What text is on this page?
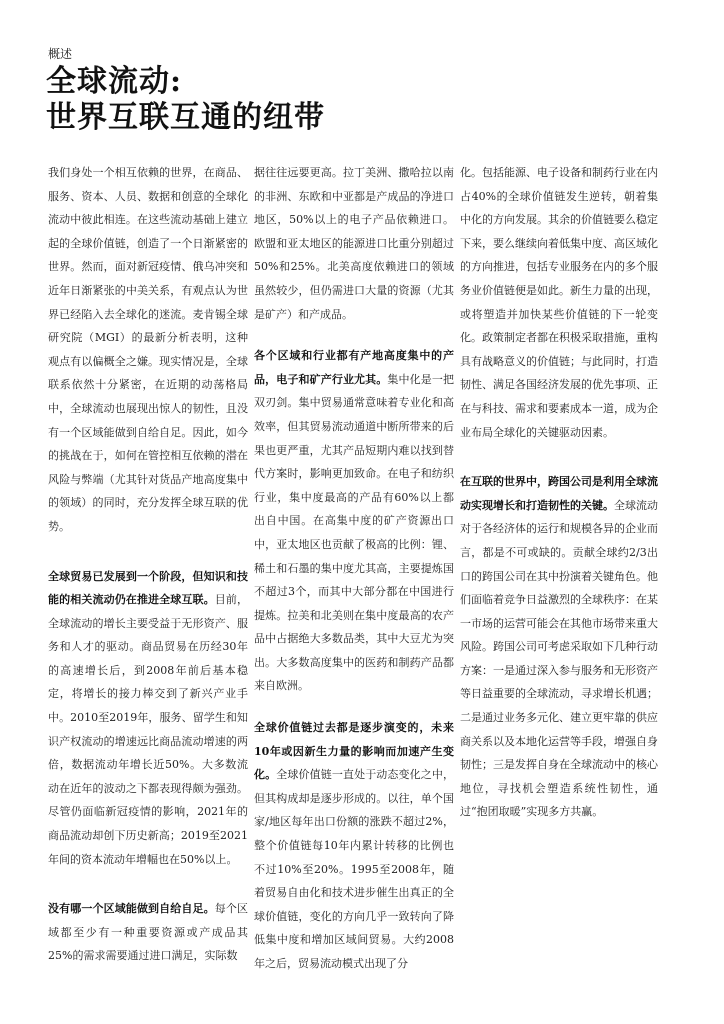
概述
全球流动:
世界互联互通的纽带

我们身处一个相互依赖的世界，在商品、服务、资本、人员、数据和创意的全球化流动中彼此相连。在这些流动基础上建立起的全球价值链，创造了一个日渐紧密的世界。然而，面对新冠疫情、俄乌冲突和近年日渐紧张的中美关系，有观点认为世界已经陷入去全球化的迷流。麦肯锡全球研究院（MGI）的最新分析表明，这种观点有以偏概全之嫌。现实情况是，全球联系依然十分紧密，在近期的动荡格局中，全球流动也展现出惊人的韧性，且没有一个区域能做到自给自足。因此，如今的挑战在于，如何在管控相互依赖的潜在风险与弊端（尤其针对货品产地高度集中的领域）的同时，充分发挥全球互联的优势。

全球贸易已发展到一个阶段，但知识和技能的相关流动仍在推进全球互联。目前，全球流动的增长主要受益于无形资产、服务和人才的驱动。商品贸易在历经30年的高速增长后，到2008年前后基本稳定，将增长的接力棒交到了新兴产业手中。2010至2019年，服务、留学生和知识产权流动的增速远比商品流动增速的两倍，数据流动年增长近50%。大多数流动在近年的波动之下都表现得颇为强劲。尽管仍面临新冠疫情的影响，2021年的商品流动却创下历史新高；2019至2021年间的资本流动年增幅也在50%以上。

没有哪一个区域能做到自给自足。每个区域都至少有一种重要资源或产成品其25%的需求需要通过进口满足，实际数

据往往远要更高。拉丁美洲、撒哈拉以南的非洲、东欧和中亚都是产成品的净进口地区，50%以上的电子产品依赖进口。欧盟和亚太地区的能源进口比重分别超过50%和25%。北美高度依赖进口的领域虽然较少，但仍需进口大量的资源（尤其是矿产）和产成品。

各个区域和行业都有产地高度集中的产品，电子和矿产行业尤其。集中化是一把双刃剑。集中贸易通常意味着专业化和高效率，但其贸易流动通道中断所带来的后果也更严重，尤其产品短期内难以找到替代方案时，影响更加致命。在电子和纺织行业，集中度最高的产品有60%以上都出自中国。在高集中度的矿产资源出口中，亚太地区也贡献了极高的比例：锂、稀土和石墨的集中度尤其高，主要提炼国不超过3个，而其中大部分都在中国进行提炼。拉美和北美则在集中度最高的农产品中占据绝大多数品类，其中大豆尤为突出。大多数高度集中的医药和制药产品都来自欧洲。

全球价值链过去都是逐步演变的，未来10年或因新生力量的影响而加速产生变化。全球价值链一直处于动态变化之中，但其构成却是逐步形成的。以往，单个国家/地区每年出口份额的涨跌不超过2%，整个价值链每10年内累计转移的比例也不过10%至20%。1995至2008年，随着贸易自由化和技术进步催生出真正的全球价值链，变化的方向几乎一致转向了降低集中度和增加区域间贸易。大约2008年之后，贸易流动模式出现了分

化。包括能源、电子设备和制药行业在内占40%的全球价值链发生逆转，朝着集中化的方向发展。其余的价值链要么稳定下来，要么继续向着低集中度、高区域化的方向推进，包括专业服务在内的多个服务业价值链便是如此。新生力量的出现，或将塑造并加快某些价值链的下一轮变化。政策制定者都在积极采取措施，重构具有战略意义的价值链；与此同时，打造韧性、满足各国经济发展的优先事项、正在与科技、需求和要素成本一道，成为企业布局全球化的关键驱动因素。

在互联的世界中，跨国公司是利用全球流动实现增长和打造韧性的关键。全球流动对于各经济体的运行和规模各异的企业而言，都是不可或缺的。贡献全球约2/3出口的跨国公司在其中扮演着关键角色。他们面临着竞争日益激烈的全球秩序：在某一市场的运营可能会在其他市场带来重大风险。跨国公司可考虑采取如下几种行动方案：一是通过深入参与服务和无形资产等日益重要的全球流动，寻求增长机遇；二是通过业务多元化、建立更牢靠的供应商关系以及本地化运营等手段，增强自身韧性；三是发挥自身在全球流动中的核心地位，寻找机会塑造系统性韧性，通过“抱团取暖”实现多方共赢。
